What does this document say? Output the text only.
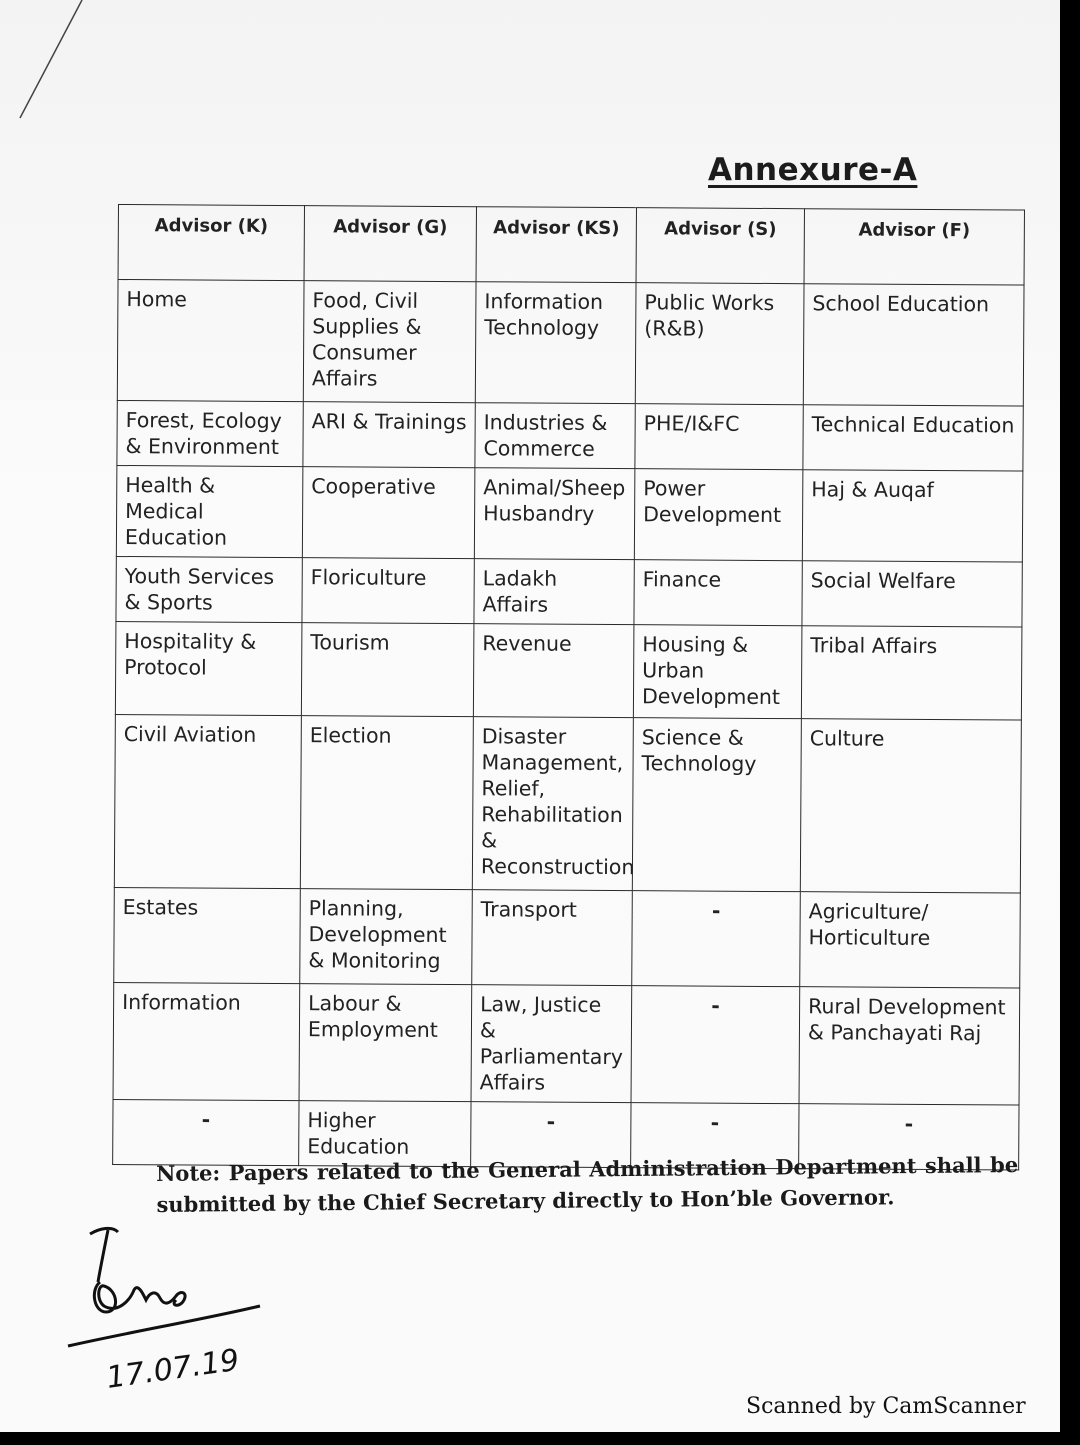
Annexure-A
Advisor (K)	Advisor (G)	Advisor (KS)	Advisor (S)	Advisor (F)
Home	Food, Civil Supplies & Consumer Affairs	Information Technology	Public Works (R&B)	School Education
Forest, Ecology & Environment	ARI & Trainings	Industries & Commerce	PHE/I&FC	Technical Education
Health & Medical Education	Cooperative	Animal/Sheep Husbandry	Power Development	Haj & Auqaf
Youth Services & Sports	Floriculture	Ladakh Affairs	Finance	Social Welfare
Hospitality & Protocol	Tourism	Revenue	Housing & Urban Development	Tribal Affairs
Civil Aviation	Election	Disaster Management, Relief, Rehabilitation & Reconstruction	Science & Technology	Culture
Estates	Planning, Development & Monitoring	Transport	-	Agriculture/ Horticulture
Information	Labour & Employment	Law, Justice & Parliamentary Affairs	-	Rural Development & Panchayati Raj
-	Higher Education	-	-	-
Note: Papers related to the General Administration Department shall be submitted by the Chief Secretary directly to Hon’ble Governor.
17.07.19
Scanned by CamScanner
